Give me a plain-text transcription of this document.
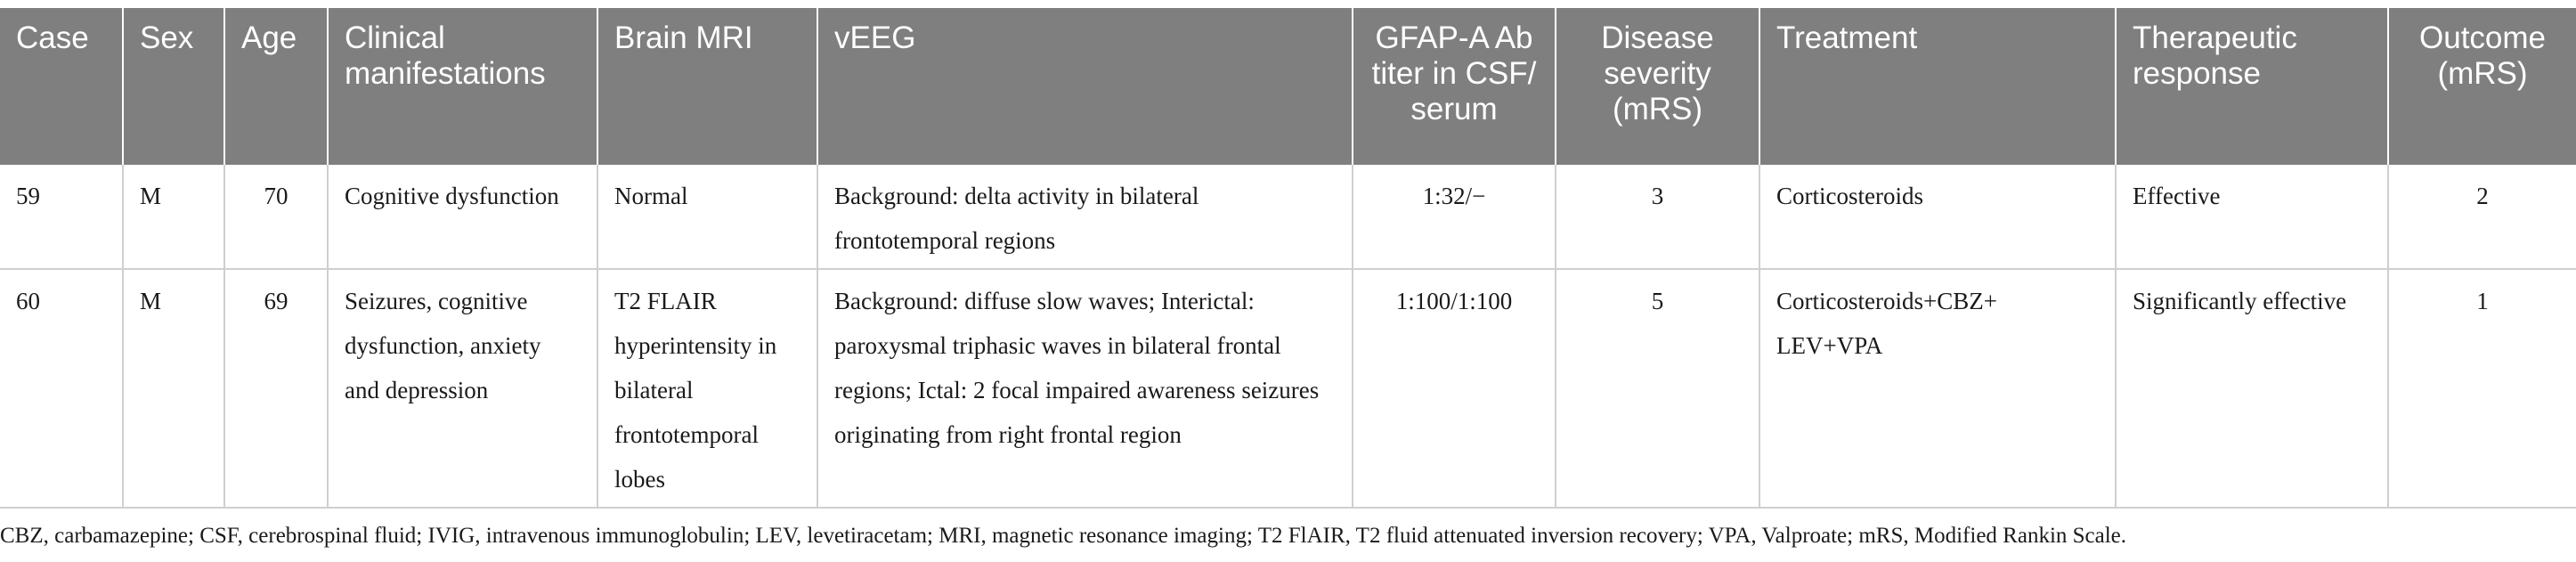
Case	Sex	Age	Clinical manifestations	Brain MRI	vEEG	GFAP-A Ab titer in CSF/ serum	Disease severity (mRS)	Treatment	Therapeutic response	Outcome (mRS)
59	M	70	Cognitive dysfunction	Normal	Background: delta activity in bilateral frontotemporal regions	1:32/−	3	Corticosteroids	Effective	2
60	M	69	Seizures, cognitive dysfunction, anxiety and depression	T2 FLAIR hyperintensity in bilateral frontotemporal lobes	Background: diffuse slow waves; Interictal: paroxysmal triphasic waves in bilateral frontal regions; Ictal: 2 focal impaired awareness seizures originating from right frontal region	1:100/1:100	5	Corticosteroids+CBZ+ LEV+VPA	Significantly effective	1
CBZ, carbamazepine; CSF, cerebrospinal fluid; IVIG, intravenous immunoglobulin; LEV, levetiracetam; MRI, magnetic resonance imaging; T2 FlAIR, T2 fluid attenuated inversion recovery; VPA, Valproate; mRS, Modified Rankin Scale.
